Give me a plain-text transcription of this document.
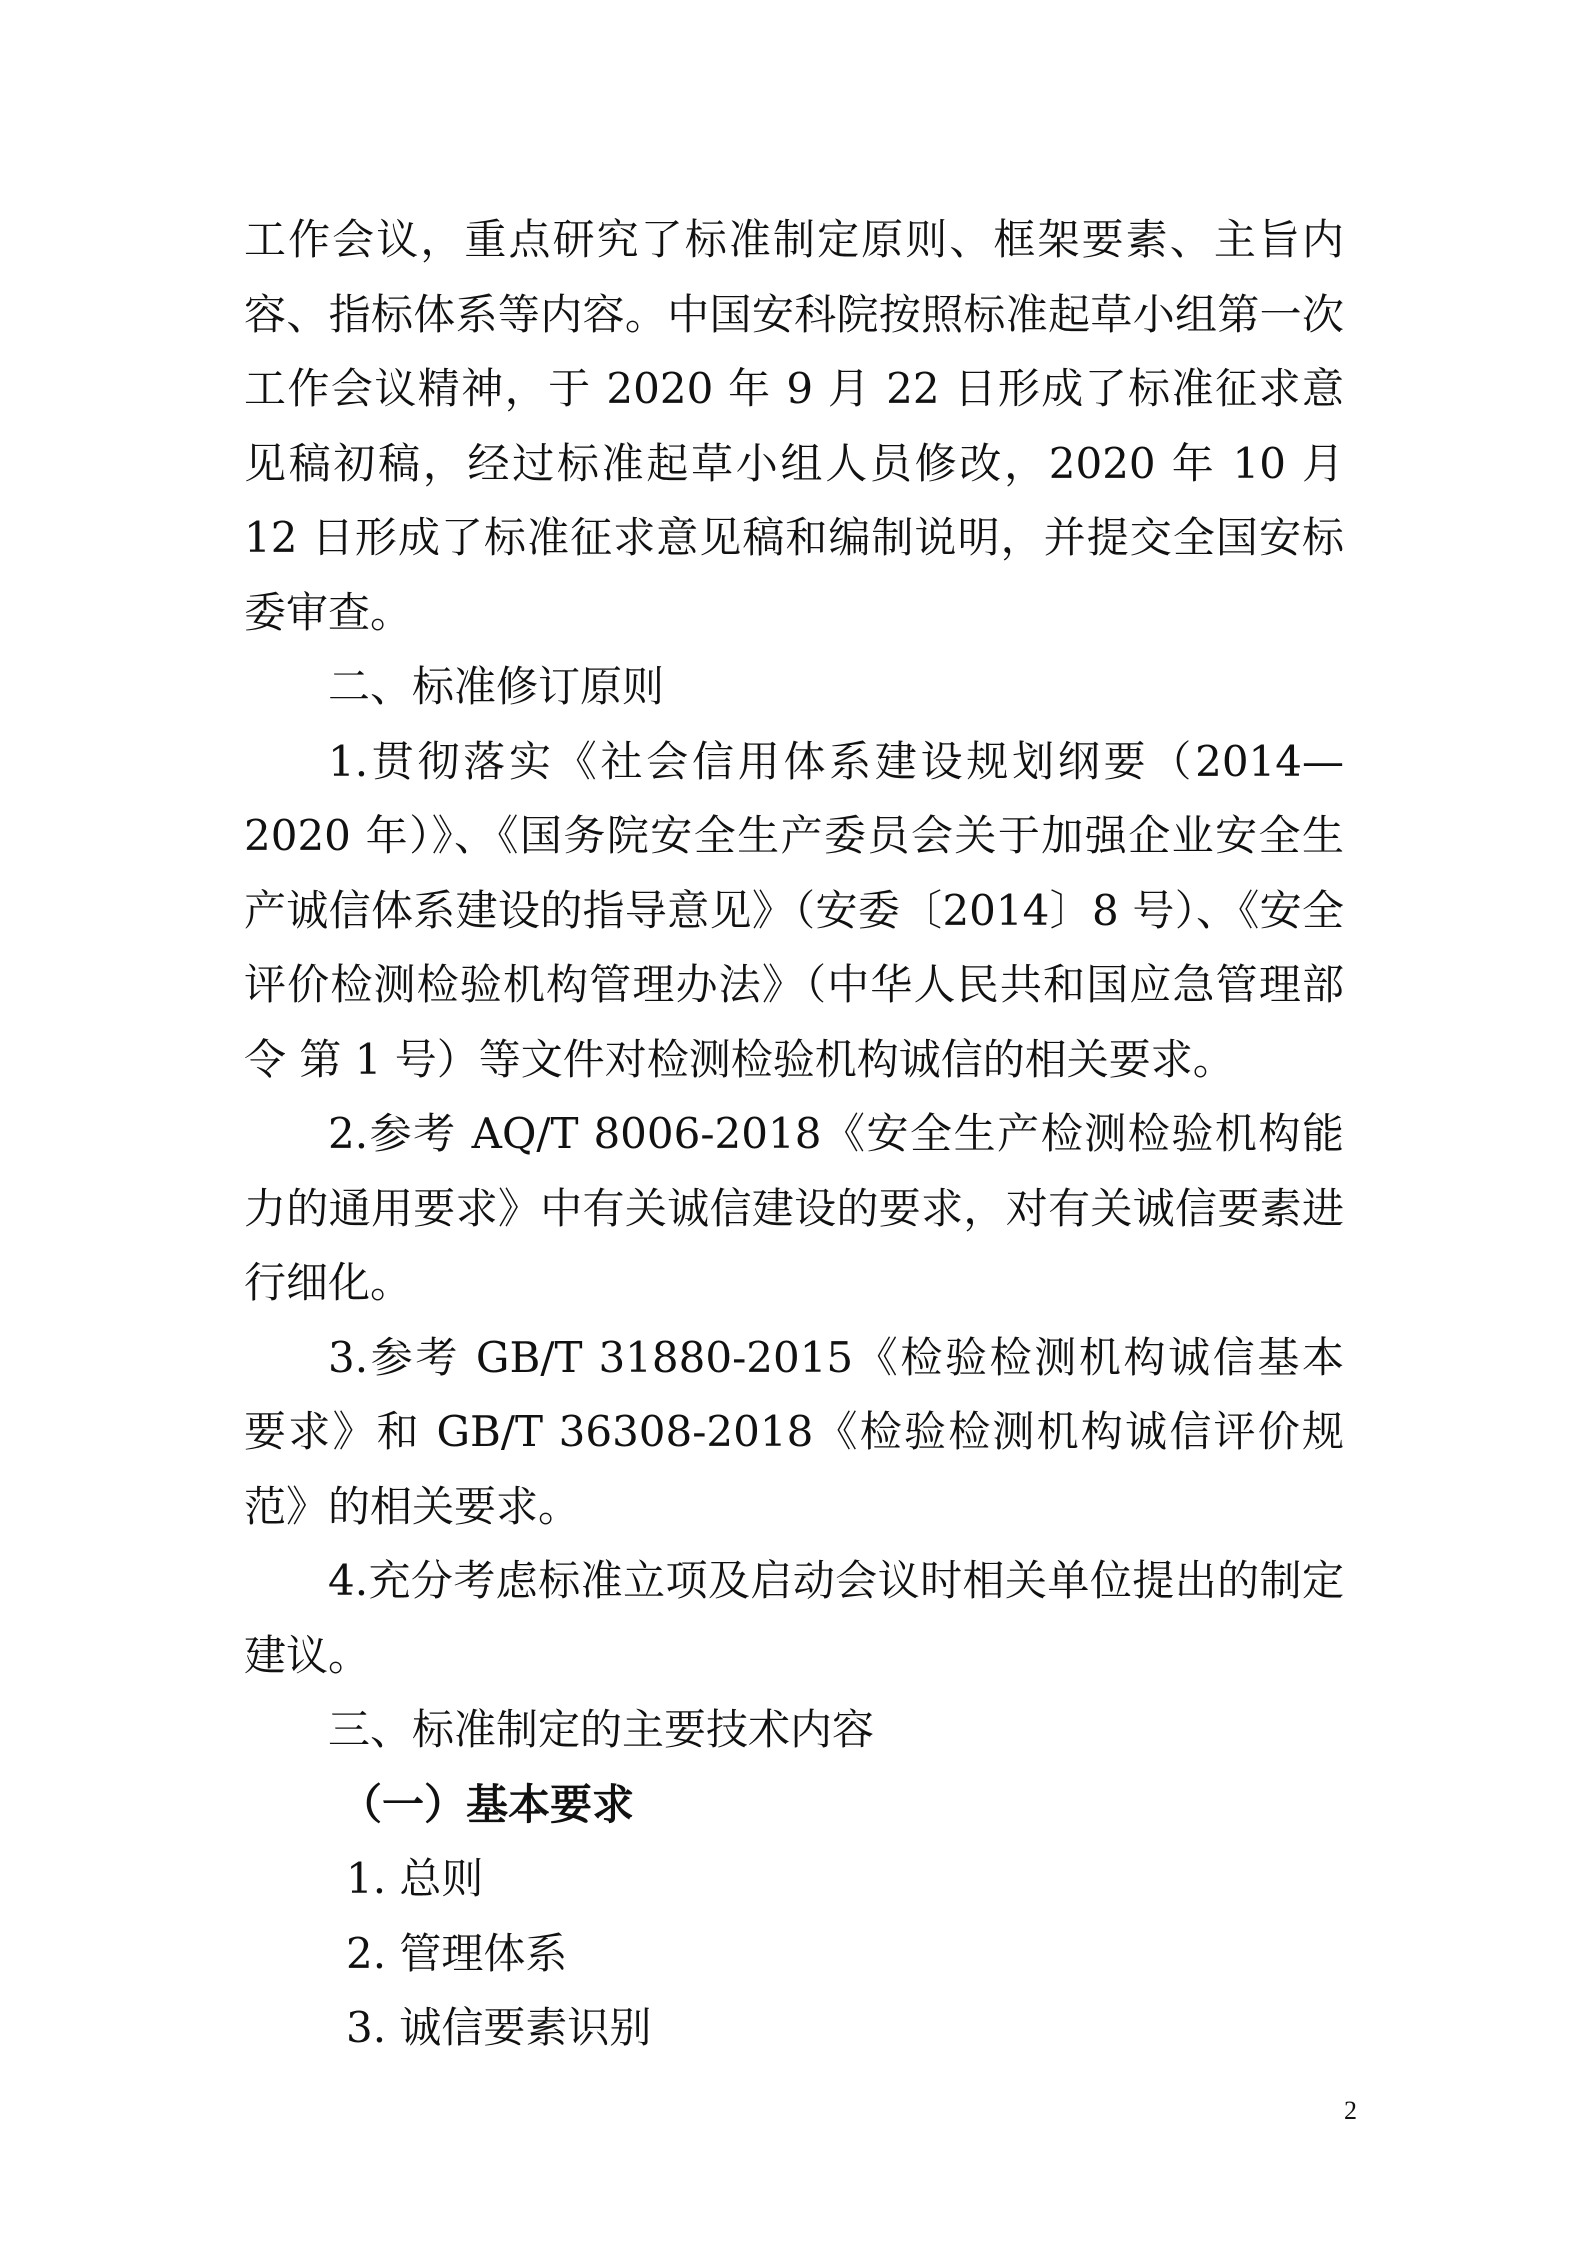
工作会议，重点研究了标准制定原则、框架要素、主旨内容、指标体系等内容。中国安科院按照标准起草小组第一次工作会议精神，于 2020 年 9 月 22 日形成了标准征求意见稿初稿，经过标准起草小组人员修改，2020 年 10 月 12 日形成了标准征求意见稿和编制说明，并提交全国安标委审查。

二、标准修订原则

1.贯彻落实《社会信用体系建设规划纲要（2014—2020 年）》、《国务院安全生产委员会关于加强企业安全生产诚信体系建设的指导意见》（安委〔2014〕8 号）、《安全评价检测检验机构管理办法》（中华人民共和国应急管理部令 第 1 号）等文件对检测检验机构诚信的相关要求。

2.参考 AQ/T 8006-2018《安全生产检测检验机构能力的通用要求》中有关诚信建设的要求，对有关诚信要素进行细化。

3.参考 GB/T 31880-2015《检验检测机构诚信基本要求》和 GB/T 36308-2018《检验检测机构诚信评价规范》的相关要求。

4.充分考虑标准立项及启动会议时相关单位提出的制定建议。

三、标准制定的主要技术内容

（一）基本要求

1. 总则

2. 管理体系

3. 诚信要素识别

2
